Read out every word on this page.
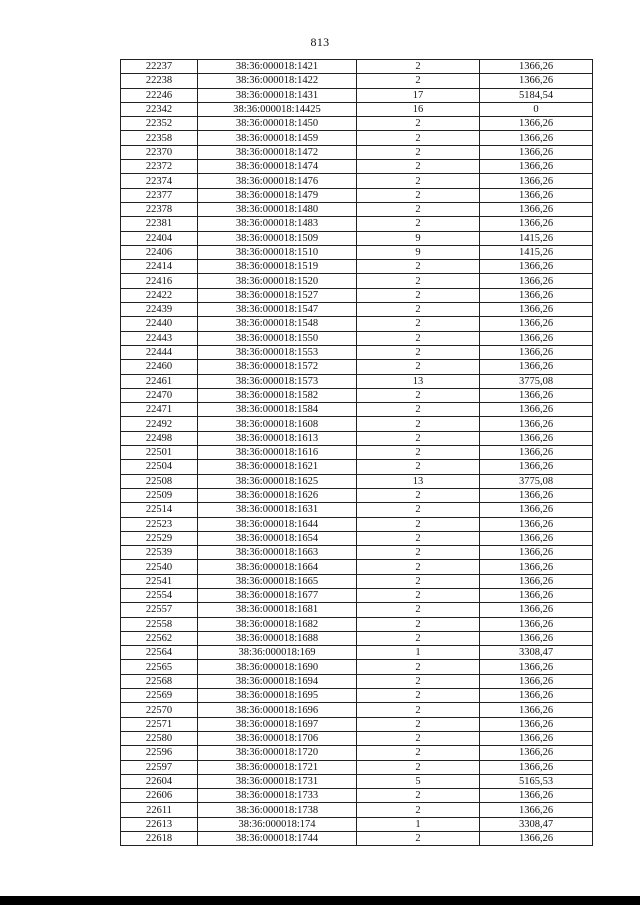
813
22237	38:36:000018:1421	2	1366,26
22238	38:36:000018:1422	2	1366,26
22246	38:36:000018:1431	17	5184,54
22342	38:36:000018:14425	16	0
22352	38:36:000018:1450	2	1366,26
22358	38:36:000018:1459	2	1366,26
22370	38:36:000018:1472	2	1366,26
22372	38:36:000018:1474	2	1366,26
22374	38:36:000018:1476	2	1366,26
22377	38:36:000018:1479	2	1366,26
22378	38:36:000018:1480	2	1366,26
22381	38:36:000018:1483	2	1366,26
22404	38:36:000018:1509	9	1415,26
22406	38:36:000018:1510	9	1415,26
22414	38:36:000018:1519	2	1366,26
22416	38:36:000018:1520	2	1366,26
22422	38:36:000018:1527	2	1366,26
22439	38:36:000018:1547	2	1366,26
22440	38:36:000018:1548	2	1366,26
22443	38:36:000018:1550	2	1366,26
22444	38:36:000018:1553	2	1366,26
22460	38:36:000018:1572	2	1366,26
22461	38:36:000018:1573	13	3775,08
22470	38:36:000018:1582	2	1366,26
22471	38:36:000018:1584	2	1366,26
22492	38:36:000018:1608	2	1366,26
22498	38:36:000018:1613	2	1366,26
22501	38:36:000018:1616	2	1366,26
22504	38:36:000018:1621	2	1366,26
22508	38:36:000018:1625	13	3775,08
22509	38:36:000018:1626	2	1366,26
22514	38:36:000018:1631	2	1366,26
22523	38:36:000018:1644	2	1366,26
22529	38:36:000018:1654	2	1366,26
22539	38:36:000018:1663	2	1366,26
22540	38:36:000018:1664	2	1366,26
22541	38:36:000018:1665	2	1366,26
22554	38:36:000018:1677	2	1366,26
22557	38:36:000018:1681	2	1366,26
22558	38:36:000018:1682	2	1366,26
22562	38:36:000018:1688	2	1366,26
22564	38:36:000018:169	1	3308,47
22565	38:36:000018:1690	2	1366,26
22568	38:36:000018:1694	2	1366,26
22569	38:36:000018:1695	2	1366,26
22570	38:36:000018:1696	2	1366,26
22571	38:36:000018:1697	2	1366,26
22580	38:36:000018:1706	2	1366,26
22596	38:36:000018:1720	2	1366,26
22597	38:36:000018:1721	2	1366,26
22604	38:36:000018:1731	5	5165,53
22606	38:36:000018:1733	2	1366,26
22611	38:36:000018:1738	2	1366,26
22613	38:36:000018:174	1	3308,47
22618	38:36:000018:1744	2	1366,26
